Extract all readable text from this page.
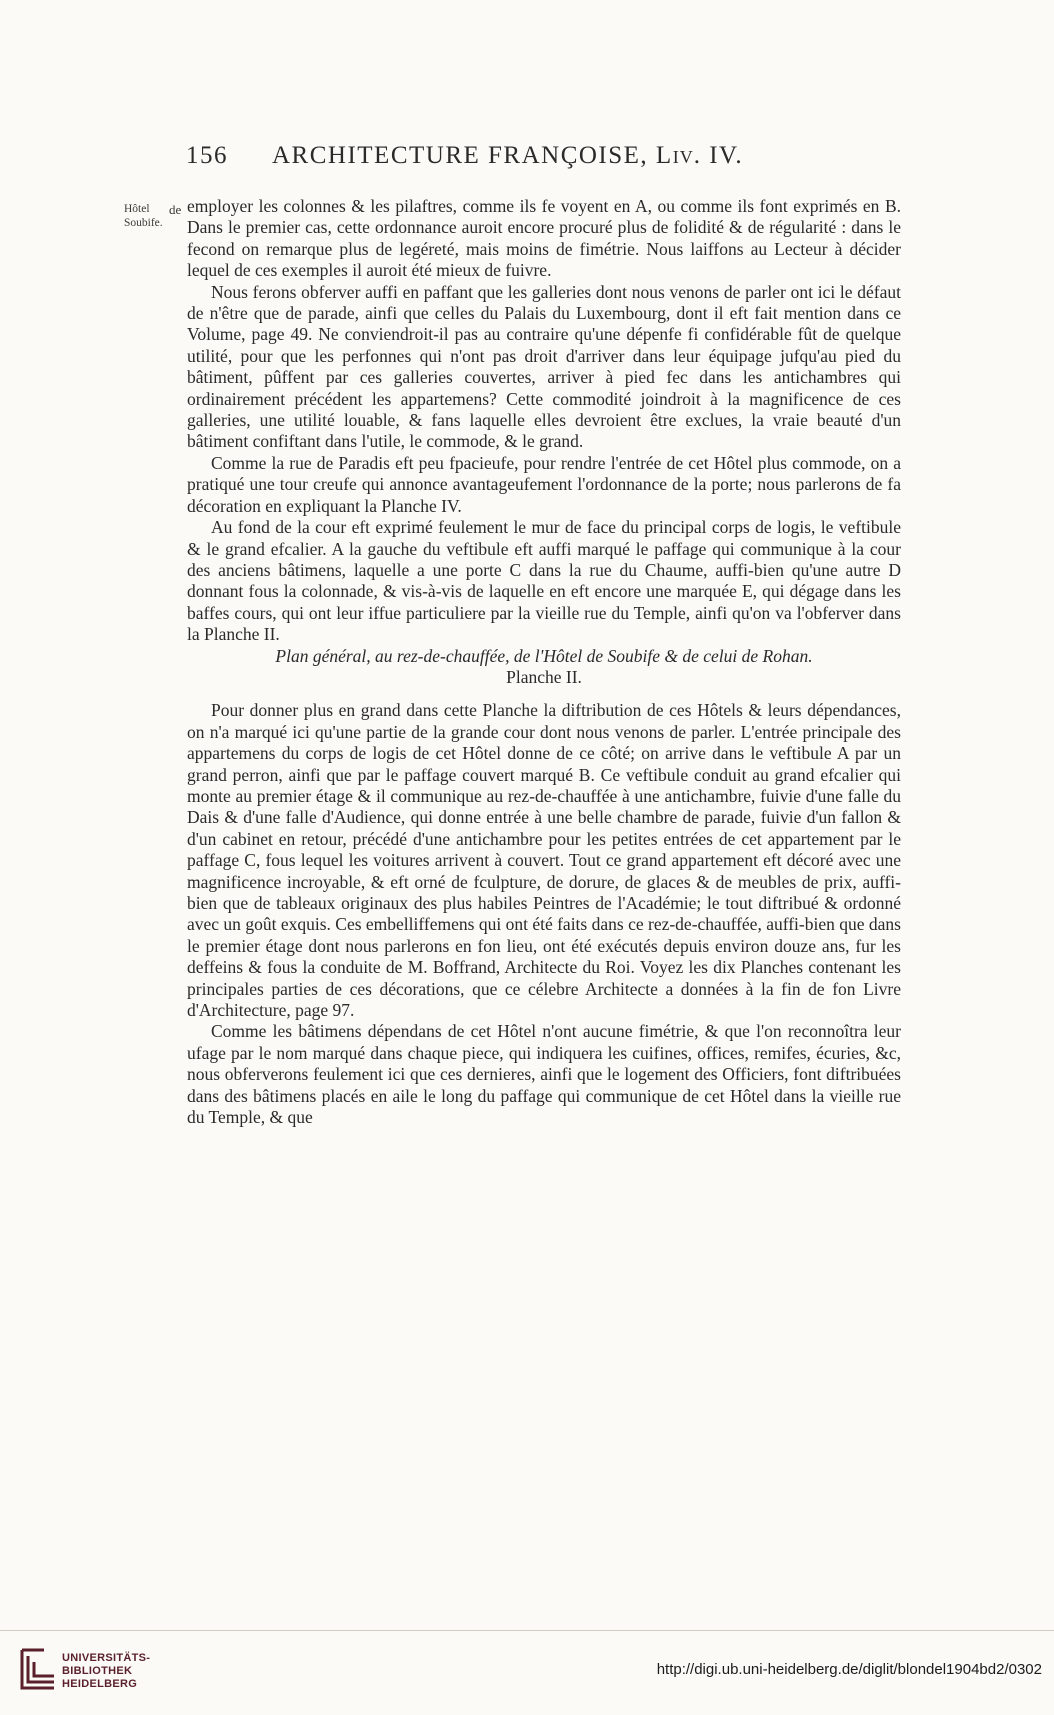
156 ARCHITECTURE FRANÇOISE, LIV. IV.
Hôtel
Soubife.
de employer les colonnes & les pilaftres, comme ils fe voyent en A, ou comme ils font exprimés en B. Dans le premier cas, cette ordonnance auroit encore procuré plus de folidité & de régularité : dans le fecond on remarque plus de legéreté, mais moins de fimétrie. Nous laiffons au Lecteur à décider lequel de ces exemples il auroit été mieux de fuivre.

Nous ferons obferver auffi en paffant que les galleries dont nous venons de parler ont ici le défaut de n'être que de parade, ainfi que celles du Palais du Luxembourg, dont il eft fait mention dans ce Volume, page 49. Ne conviendroit-il pas au contraire qu'une dépenfe fi confidérable fût de quelque utilité, pour que les perfonnes qui n'ont pas droit d'arriver dans leur équipage jufqu'au pied du bâtiment, pûffent par ces galleries couvertes, arriver à pied fec dans les antichambres qui ordinairement précédent les appartemens? Cette commodité joindroit à la magnificence de ces galleries, une utilité louable, & fans laquelle elles devroient être exclues, la vraie beauté d'un bâtiment confiftant dans l'utile, le commode, & le grand.

Comme la rue de Paradis eft peu fpacieufe, pour rendre l'entrée de cet Hôtel plus commode, on a pratiqué une tour creufe qui annonce avantageufement l'ordonnance de la porte; nous parlerons de fa décoration en expliquant la Planche IV.

Au fond de la cour eft exprimé feulement le mur de face du principal corps de logis, le veftibule & le grand efcalier. A la gauche du veftibule eft auffi marqué le paffage qui communique à la cour des anciens bâtimens, laquelle a une porte C dans la rue du Chaume, auffi-bien qu'une autre D donnant fous la colonnade, & vis-à-vis de laquelle en eft encore une marquée E, qui dégage dans les baffes cours, qui ont leur iffue particuliere par la vieille rue du Temple, ainfi qu'on va l'obferver dans la Planche II.

Plan général, au rez-de-chauffée, de l'Hôtel de Soubife & de celui de Rohan.

Planche II.

Pour donner plus en grand dans cette Planche la diftribution de ces Hôtels & leurs dépendances, on n'a marqué ici qu'une partie de la grande cour dont nous venons de parler. L'entrée principale des appartemens du corps de logis de cet Hôtel donne de ce côté; on arrive dans le veftibule A par un grand perron, ainfi que par le paffage couvert marqué B. Ce veftibule conduit au grand efcalier qui monte au premier étage & il communique au rez-de-chauffée à une antichambre, fuivie d'une falle du Dais & d'une falle d'Audience, qui donne entrée à une belle chambre de parade, fuivie d'un fallon & d'un cabinet en retour, précédé d'une antichambre pour les petites entrées de cet appartement par le paffage C, fous lequel les voitures arrivent à couvert. Tout ce grand appartement eft décoré avec une magnificence incroyable, & eft orné de fculpture, de dorure, de glaces & de meubles de prix, auffi-bien que de tableaux originaux des plus habiles Peintres de l'Académie; le tout diftribué & ordonné avec un goût exquis. Ces embelliffemens qui ont été faits dans ce rez-de-chauffée, auffi-bien que dans le premier étage dont nous parlerons en fon lieu, ont été exécutés depuis environ douze ans, fur les deffeins & fous la conduite de M. Boffrand, Architecte du Roi. Voyez les dix Planches contenant les principales parties de ces décorations, que ce célebre Architecte a données à la fin de fon Livre d'Architecture, page 97.

Comme les bâtimens dépendans de cet Hôtel n'ont aucune fimétrie, & que l'on reconnoîtra leur ufage par le nom marqué dans chaque piece, qui indiquera les cuifines, offices, remifes, écuries, &c, nous obferverons feulement ici que ces dernieres, ainfi que le logement des Officiers, font diftribuées dans des bâtimens placés en aile le long du paffage qui communique de cet Hôtel dans la vieille rue du Temple, & que

UNIVERSITÄTS-
BIBLIOTHEK
HEIDELBERG
http://digi.ub.uni-heidelberg.de/diglit/blondel1904bd2/0302
